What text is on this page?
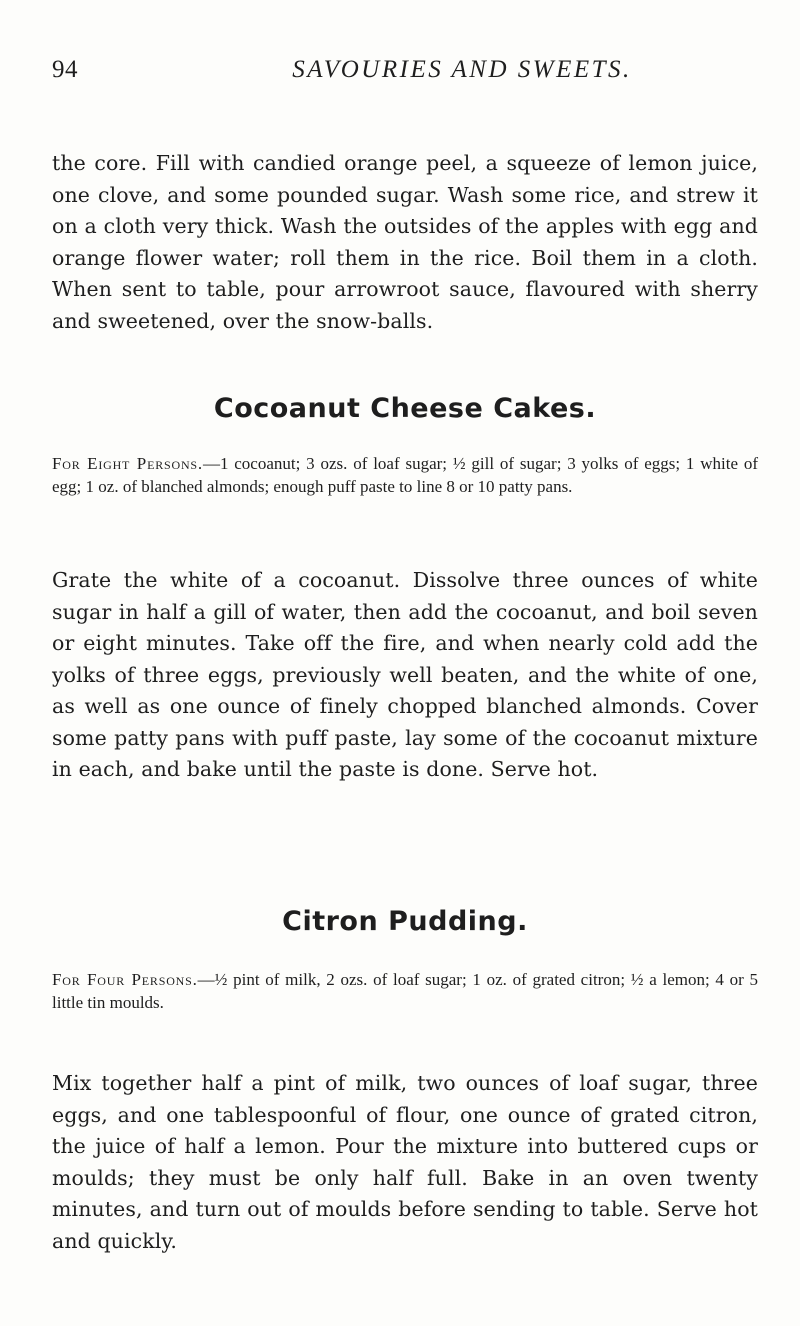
94	SAVOURIES AND SWEETS.

the core. Fill with candied orange peel, a squeeze of lemon juice, one clove, and some pounded sugar. Wash some rice, and strew it on a cloth very thick. Wash the outsides of the apples with egg and orange flower water; roll them in the rice. Boil them in a cloth. When sent to table, pour arrowroot sauce, flavoured with sherry and sweetened, over the snow-balls.

Cocoanut Cheese Cakes.

For Eight Persons.—1 cocoanut; 3 ozs. of loaf sugar; ½ gill of sugar; 3 yolks of eggs; 1 white of egg; 1 oz. of blanched almonds; enough puff paste to line 8 or 10 patty pans.

Grate the white of a cocoanut. Dissolve three ounces of white sugar in half a gill of water, then add the cocoanut, and boil seven or eight minutes. Take off the fire, and when nearly cold add the yolks of three eggs, previously well beaten, and the white of one, as well as one ounce of finely chopped blanched almonds. Cover some patty pans with puff paste, lay some of the cocoanut mixture in each, and bake until the paste is done. Serve hot.

Citron Pudding.

For Four Persons.—½ pint of milk, 2 ozs. of loaf sugar; 1 oz. of grated citron; ½ a lemon; 4 or 5 little tin moulds.

Mix together half a pint of milk, two ounces of loaf sugar, three eggs, and one tablespoonful of flour, one ounce of grated citron, the juice of half a lemon. Pour the mixture into buttered cups or moulds; they must be only half full. Bake in an oven twenty minutes, and turn out of moulds before sending to table. Serve hot and quickly.
